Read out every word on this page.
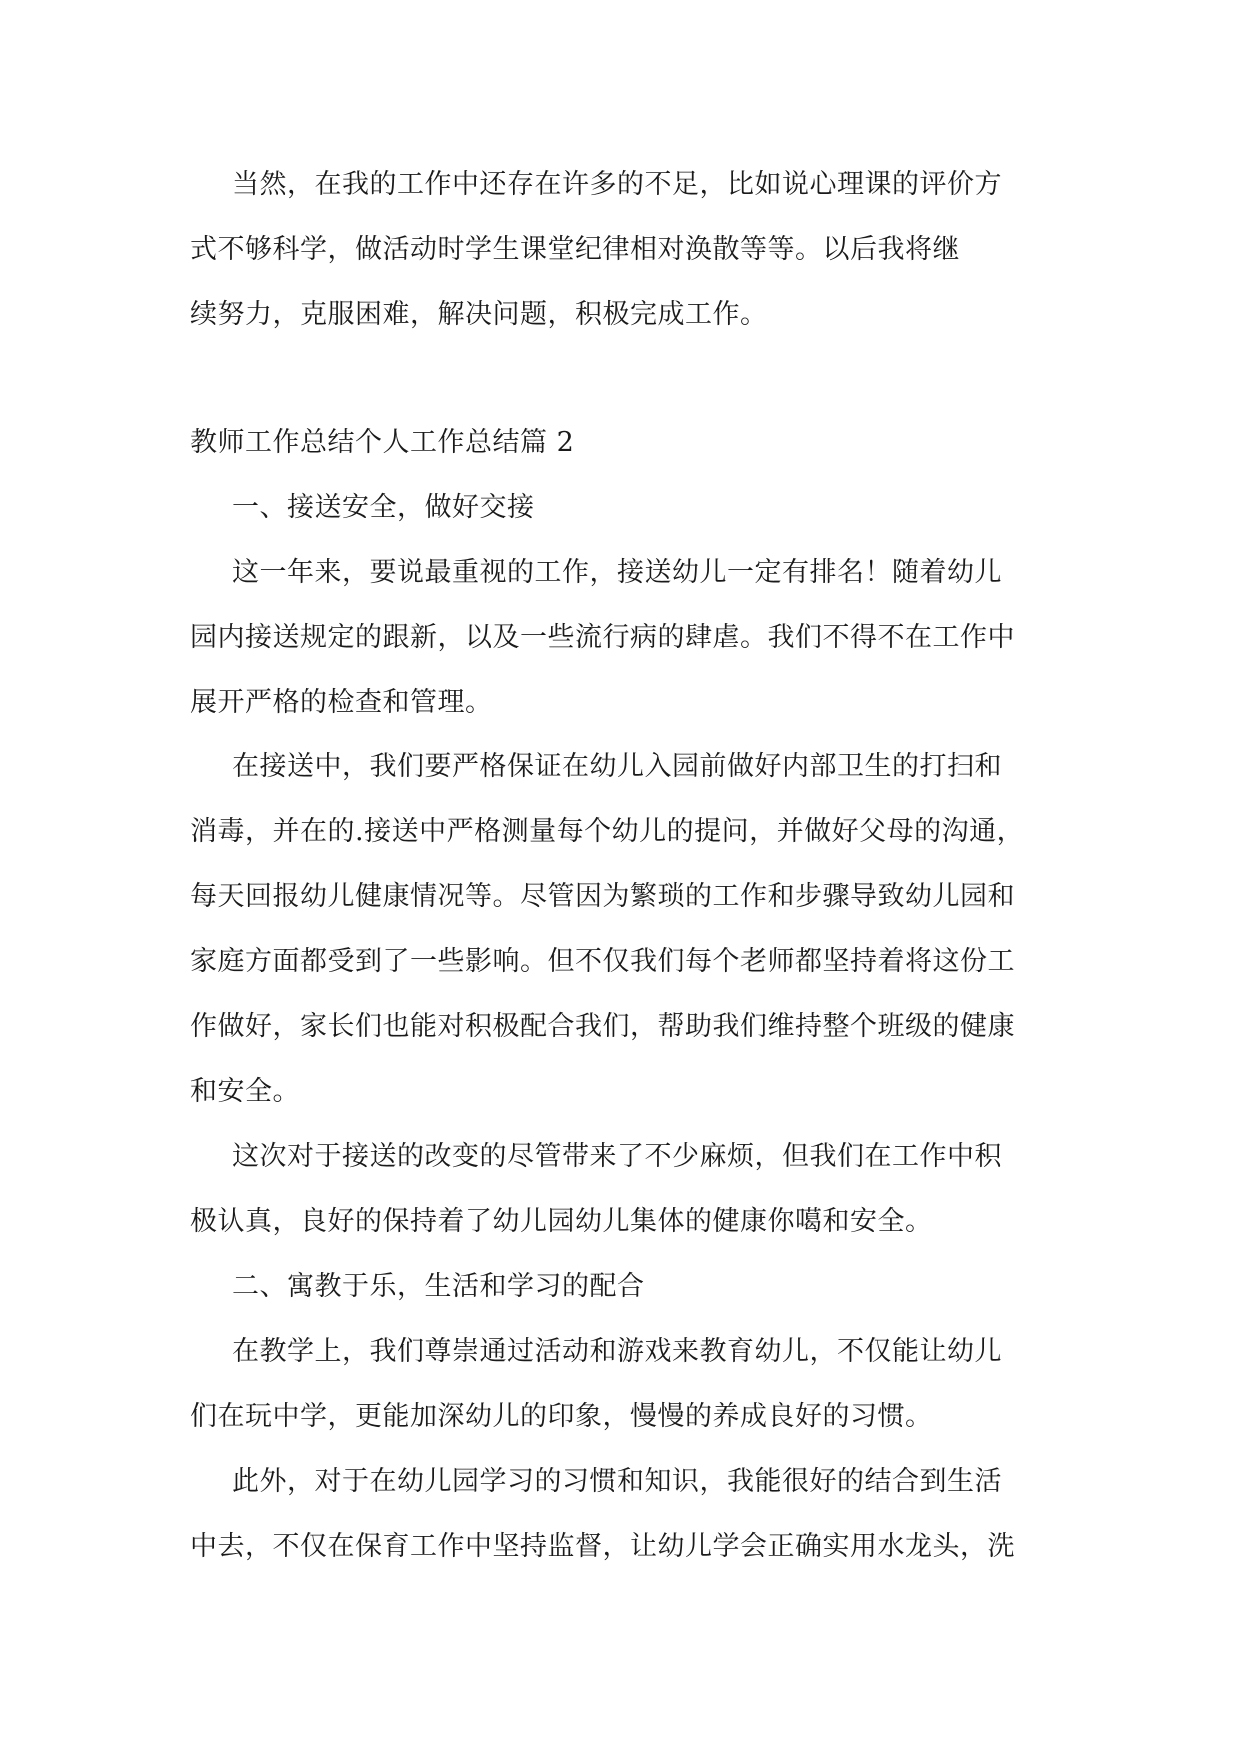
当然，在我的工作中还存在许多的不足，比如说心理课的评价方
式不够科学，做活动时学生课堂纪律相对涣散等等。以后我将继
续努力，克服困难，解决问题，积极完成工作。
教师工作总结个人工作总结篇 2
一、接送安全，做好交接
这一年来，要说最重视的工作，接送幼儿一定有排名！随着幼儿
园内接送规定的跟新，以及一些流行病的肆虐。我们不得不在工作中
展开严格的检查和管理。
在接送中，我们要严格保证在幼儿入园前做好内部卫生的打扫和
消毒，并在的.接送中严格测量每个幼儿的提问，并做好父母的沟通，
每天回报幼儿健康情况等。尽管因为繁琐的工作和步骤导致幼儿园和
家庭方面都受到了一些影响。但不仅我们每个老师都坚持着将这份工
作做好，家长们也能对积极配合我们，帮助我们维持整个班级的健康
和安全。
这次对于接送的改变的尽管带来了不少麻烦，但我们在工作中积
极认真，良好的保持着了幼儿园幼儿集体的健康你噶和安全。
二、寓教于乐，生活和学习的配合
在教学上，我们尊崇通过活动和游戏来教育幼儿，不仅能让幼儿
们在玩中学，更能加深幼儿的印象，慢慢的养成良好的习惯。
此外，对于在幼儿园学习的习惯和知识，我能很好的结合到生活
中去，不仅在保育工作中坚持监督，让幼儿学会正确实用水龙头，洗
